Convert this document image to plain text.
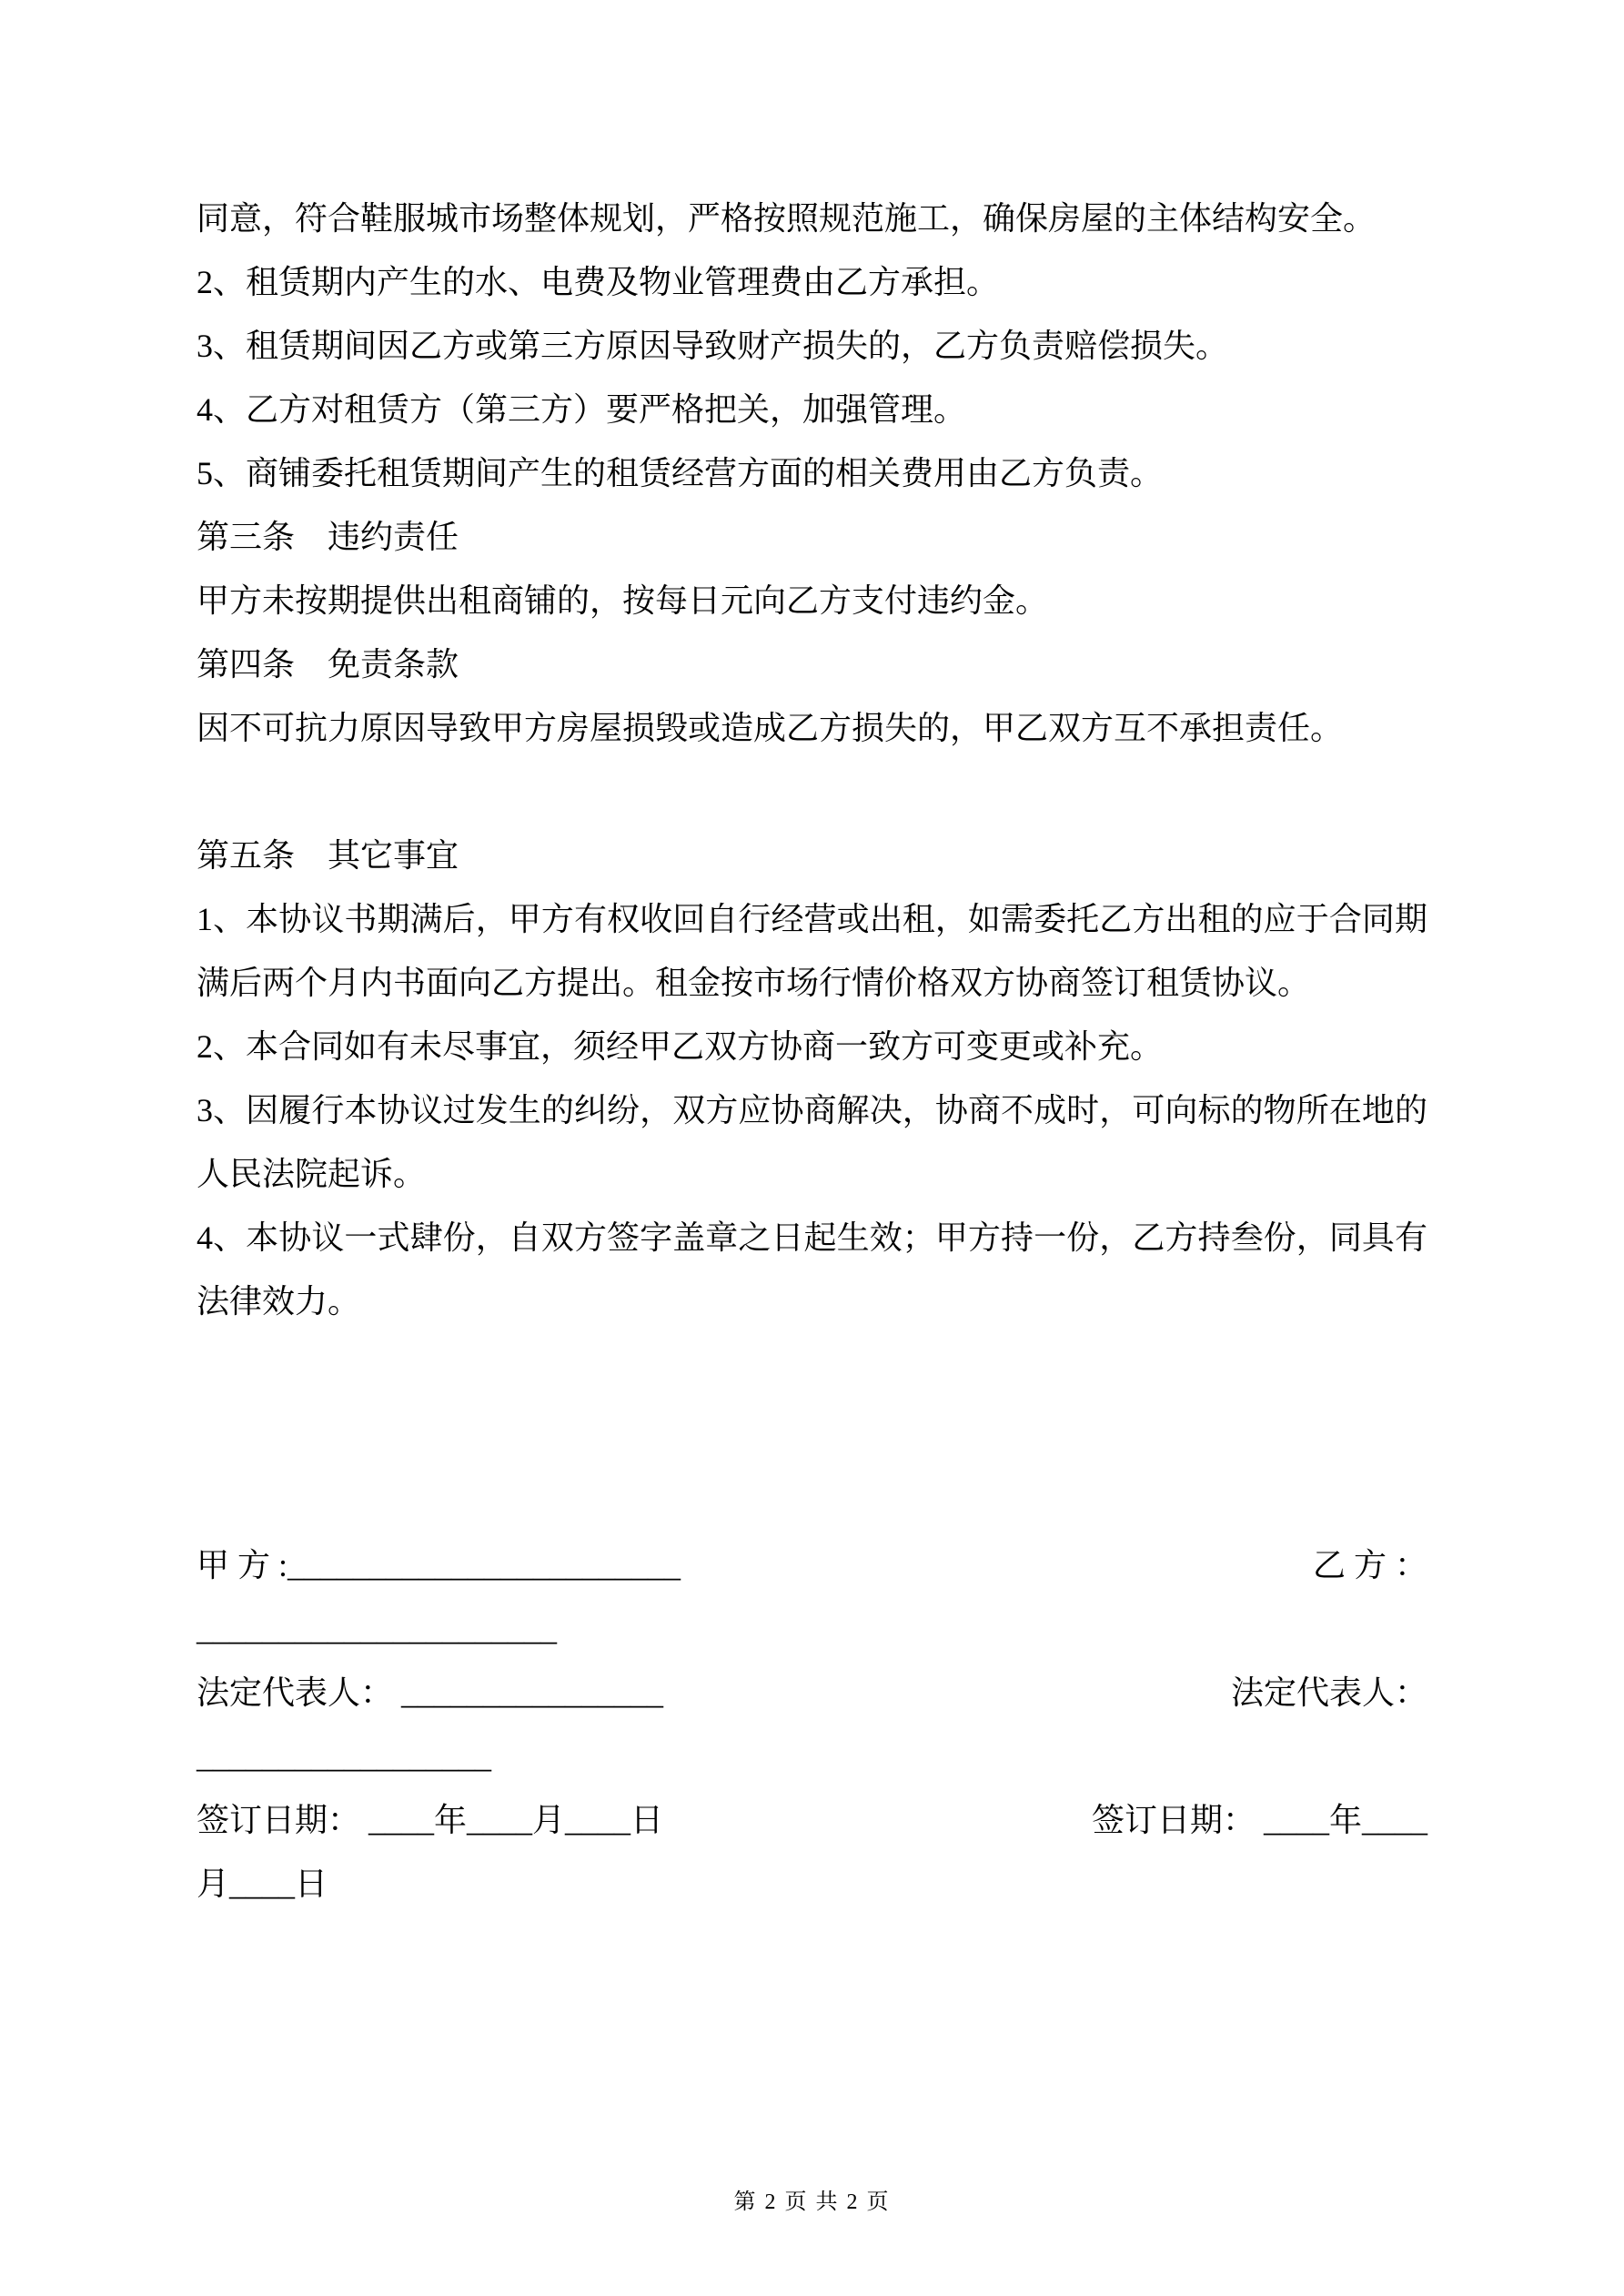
同意，符合鞋服城市场整体规划，严格按照规范施工，确保房屋的主体结构安全。

2、租赁期内产生的水、电费及物业管理费由乙方承担。

3、租赁期间因乙方或第三方原因导致财产损失的，乙方负责赔偿损失。

4、乙方对租赁方（第三方）要严格把关，加强管理。

5、商铺委托租赁期间产生的租赁经营方面的相关费用由乙方负责。

第三条　违约责任

甲方未按期提供出租商铺的，按每日元向乙方支付违约金。

第四条　免责条款

因不可抗力原因导致甲方房屋损毁或造成乙方损失的，甲乙双方互不承担责任。

第五条　其它事宜

1、本协议书期满后，甲方有权收回自行经营或出租，如需委托乙方出租的应于合同期满后两个月内书面向乙方提出。租金按市场行情价格双方协商签订租赁协议。

2、本合同如有未尽事宜，须经甲乙双方协商一致方可变更或补充。

3、因履行本协议过发生的纠纷，双方应协商解决，协商不成时，可向标的物所在地的人民法院起诉。

4、本协议一式肆份，自双方签字盖章之日起生效；甲方持一份，乙方持叁份，同具有法律效力。

甲 方 :________________________	乙 方 ：
______________________
法定代表人： ________________	法定代表人：
__________________
签订日期： ____年____月____日	签订日期： ____年____
月____日
第 2 页 共 2 页
